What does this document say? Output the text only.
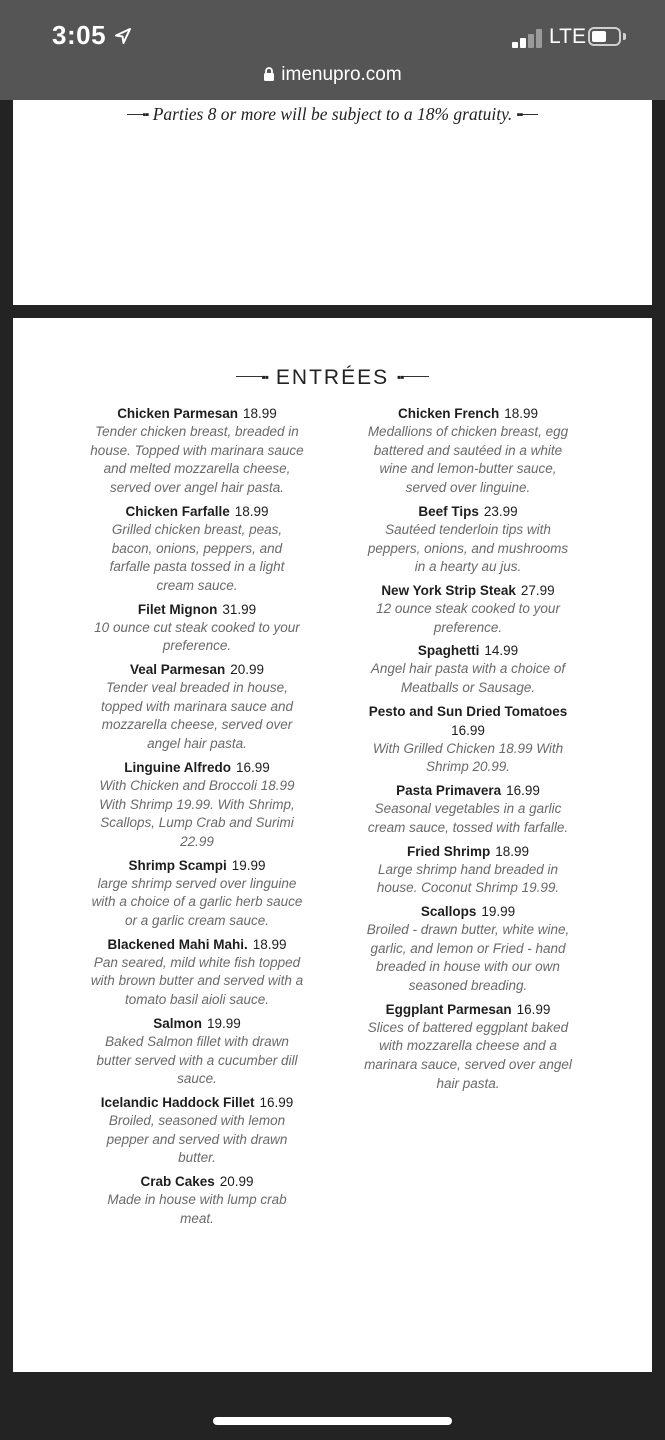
3:05	LTE
imenupro.com
▪▪ Parties 8 or more will be subject to a 18% gratuity. ▪▪
▪▪ ENTRÉES ▪▪
Chicken Parmesan 18.99
Tender chicken breast, breaded in house. Topped with marinara sauce and melted mozzarella cheese, served over angel hair pasta.
Chicken Farfalle 18.99
Grilled chicken breast, peas, bacon, onions, peppers, and farfalle pasta tossed in a light cream sauce.
Filet Mignon 31.99
10 ounce cut steak cooked to your preference.
Veal Parmesan 20.99
Tender veal breaded in house, topped with marinara sauce and mozzarella cheese, served over angel hair pasta.
Linguine Alfredo 16.99
With Chicken and Broccoli 18.99 With Shrimp 19.99. With Shrimp, Scallops, Lump Crab and Surimi 22.99
Shrimp Scampi 19.99
large shrimp served over linguine with a choice of a garlic herb sauce or a garlic cream sauce.
Blackened Mahi Mahi. 18.99
Pan seared, mild white fish topped with brown butter and served with a tomato basil aioli sauce.
Salmon 19.99
Baked Salmon fillet with drawn butter served with a cucumber dill sauce.
Icelandic Haddock Fillet 16.99
Broiled, seasoned with lemon pepper and served with drawn butter.
Crab Cakes 20.99
Made in house with lump crab meat.
Chicken French 18.99
Medallions of chicken breast, egg battered and sautéed in a white wine and lemon-butter sauce, served over linguine.
Beef Tips 23.99
Sautéed tenderloin tips with peppers, onions, and mushrooms in a hearty au jus.
New York Strip Steak 27.99
12 ounce steak cooked to your preference.
Spaghetti 14.99
Angel hair pasta with a choice of Meatballs or Sausage.
Pesto and Sun Dried Tomatoes
16.99
With Grilled Chicken 18.99 With Shrimp 20.99.
Pasta Primavera 16.99
Seasonal vegetables in a garlic cream sauce, tossed with farfalle.
Fried Shrimp 18.99
Large shrimp hand breaded in house. Coconut Shrimp 19.99.
Scallops 19.99
Broiled - drawn butter, white wine, garlic, and lemon or Fried - hand breaded in house with our own seasoned breading.
Eggplant Parmesan 16.99
Slices of battered eggplant baked with mozzarella cheese and a marinara sauce, served over angel hair pasta.
